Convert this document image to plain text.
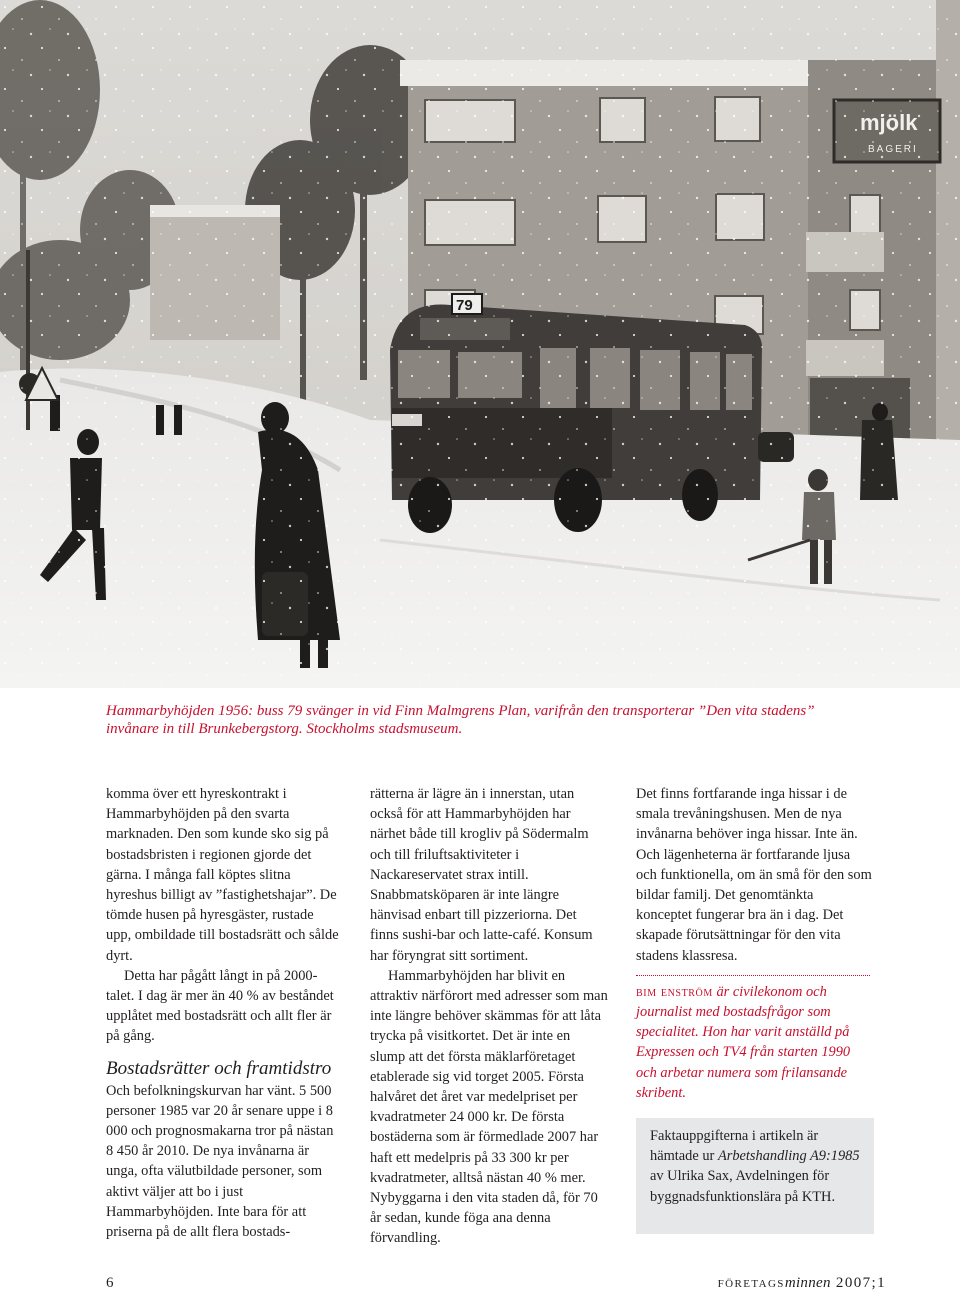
Hammarbyhöjden 1956: buss 79 svänger in vid Finn Malmgrens Plan, varifrån den transporterar ”Den vita stadens” invånare in till Brunkebergstorg. Stockholms stadsmuseum.

komma över ett hyreskontrakt i Hammarbyhöjden på den svarta marknaden. Den som kunde sko sig på bostadsbristen i regionen gjorde det gärna. I många fall köptes slitna hyreshus billigt av ”fastighetshajar”. De tömde husen på hyresgäster, rustade upp, ombildade till bostadsrätt och sålde dyrt.

Detta har pågått långt in på 2000-talet. I dag är mer än 40 % av beståndet upplåtet med bostadsrätt och allt fler är på gång.

Bostadsrätter och framtidstro

Och befolkningskurvan har vänt. 5 500 personer 1985 var 20 år senare uppe i 8 000 och prognosmakarna tror på nästan 8 450 år 2010. De nya invånarna är unga, ofta välutbildade personer, som aktivt väljer att bo i just Hammarbyhöjden. Inte bara för att priserna på de allt flera bostads-

rätterna är lägre än i innerstan, utan också för att Hammarbyhöjden har närhet både till krogliv på Södermalm och till friluftsaktiviteter i Nackareservatet strax intill. Snabbmatsköparen är inte längre hänvisad enbart till pizzeriorna. Det finns sushi-bar och latte-café. Konsum har föryngrat sitt sortiment.

Hammarbyhöjden har blivit en attraktiv närförort med adresser som man inte längre behöver skämmas för att låta trycka på visitkortet. Det är inte en slump att det första mäklarföretaget etablerade sig vid torget 2005. Första halvåret det året var medelpriset per kvadratmeter 24 000 kr. De första bostäderna som är förmedlade 2007 har haft ett medelpris på 33 300 kr per kvadratmeter, alltså nästan 40 % mer. Nybyggarna i den vita staden då, för 70 år sedan, kunde föga ana denna förvandling.

Det finns fortfarande inga hissar i de smala trevåningshusen. Men de nya invånarna behöver inga hissar. Inte än. Och lägenheterna är fortfarande ljusa och funktionella, om än små för den som bildar familj. Det genomtänkta konceptet fungerar bra än i dag. Det skapade förutsättningar för den vita stadens klassresa.

bim enström är civilekonom och journalist med bostadsfrågor som specialitet. Hon har varit anställd på Expressen och TV4 från starten 1990 och arbetar numera som frilansande skribent.

Faktauppgifterna i artikeln är hämtade ur Arbetshandling A9:1985 av Ulrika Sax, Avdelningen för byggnadsfunktionslära på KTH.
6	företagsminnen 2007;1
